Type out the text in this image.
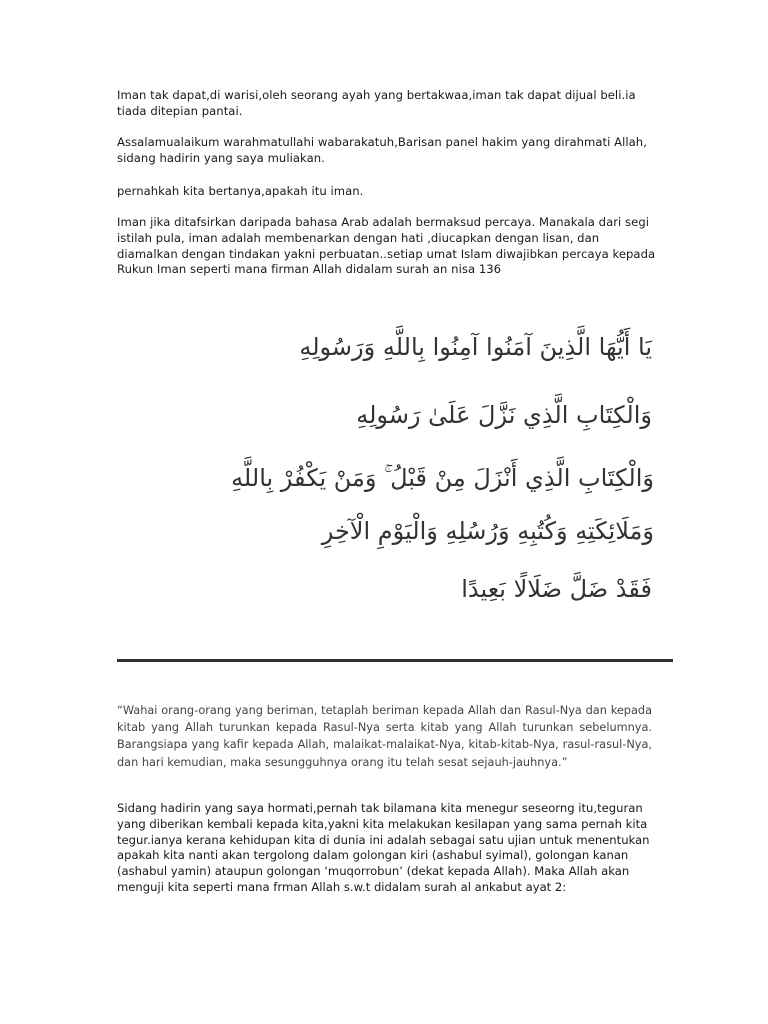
Iman tak dapat,di warisi,oleh seorang ayah yang bertakwaa,iman tak dapat dijual beli.ia tiada ditepian pantai.

Assalamualaikum warahmatullahi wabarakatuh,Barisan panel hakim yang dirahmati Allah, sidang hadirin yang saya muliakan.

pernahkah kita bertanya,apakah itu iman.

Iman jika ditafsirkan daripada bahasa Arab adalah bermaksud percaya. Manakala dari segi istilah pula, iman adalah membenarkan dengan hati ,diucapkan dengan lisan, dan diamalkan dengan tindakan yakni perbuatan..setiap umat Islam diwajibkan percaya kepada Rukun Iman seperti mana firman Allah didalam surah an nisa 136

يَا أَيُّهَا الَّذِينَ آمَنُوا آمِنُوا بِاللَّهِ وَرَسُولِهِ
وَالْكِتَابِ الَّذِي نَزَّلَ عَلَىٰ رَسُولِهِ
وَالْكِتَابِ الَّذِي أَنْزَلَ مِنْ قَبْلُ ۚ وَمَنْ يَكْفُرْ بِاللَّهِ
وَمَلَائِكَتِهِ وَكُتُبِهِ وَرُسُلِهِ وَالْيَوْمِ الْآخِرِ
فَقَدْ ضَلَّ ضَلَالًا بَعِيدًا

“Wahai orang-orang yang beriman, tetaplah beriman kepada Allah dan Rasul-Nya dan kepada kitab yang Allah turunkan kepada Rasul-Nya serta kitab yang Allah turunkan sebelumnya. Barangsiapa yang kafir kepada Allah, malaikat-malaikat-Nya, kitab-kitab-Nya, rasul-rasul-Nya, dan hari kemudian, maka sesungguhnya orang itu telah sesat sejauh-jauhnya.”

Sidang hadirin yang saya hormati,pernah tak bilamana kita menegur seseorng itu,teguran yang diberikan kembali kepada kita,yakni kita melakukan kesilapan yang sama pernah kita tegur.ianya kerana kehidupan kita di dunia ini adalah sebagai satu ujian untuk menentukan apakah kita nanti akan tergolong dalam golongan kiri (ashabul syimal), golongan kanan (ashabul yamin) ataupun golongan ‘muqorrobun’ (dekat kepada Allah). Maka Allah akan menguji kita seperti mana frman Allah s.w.t didalam surah al ankabut ayat 2:
